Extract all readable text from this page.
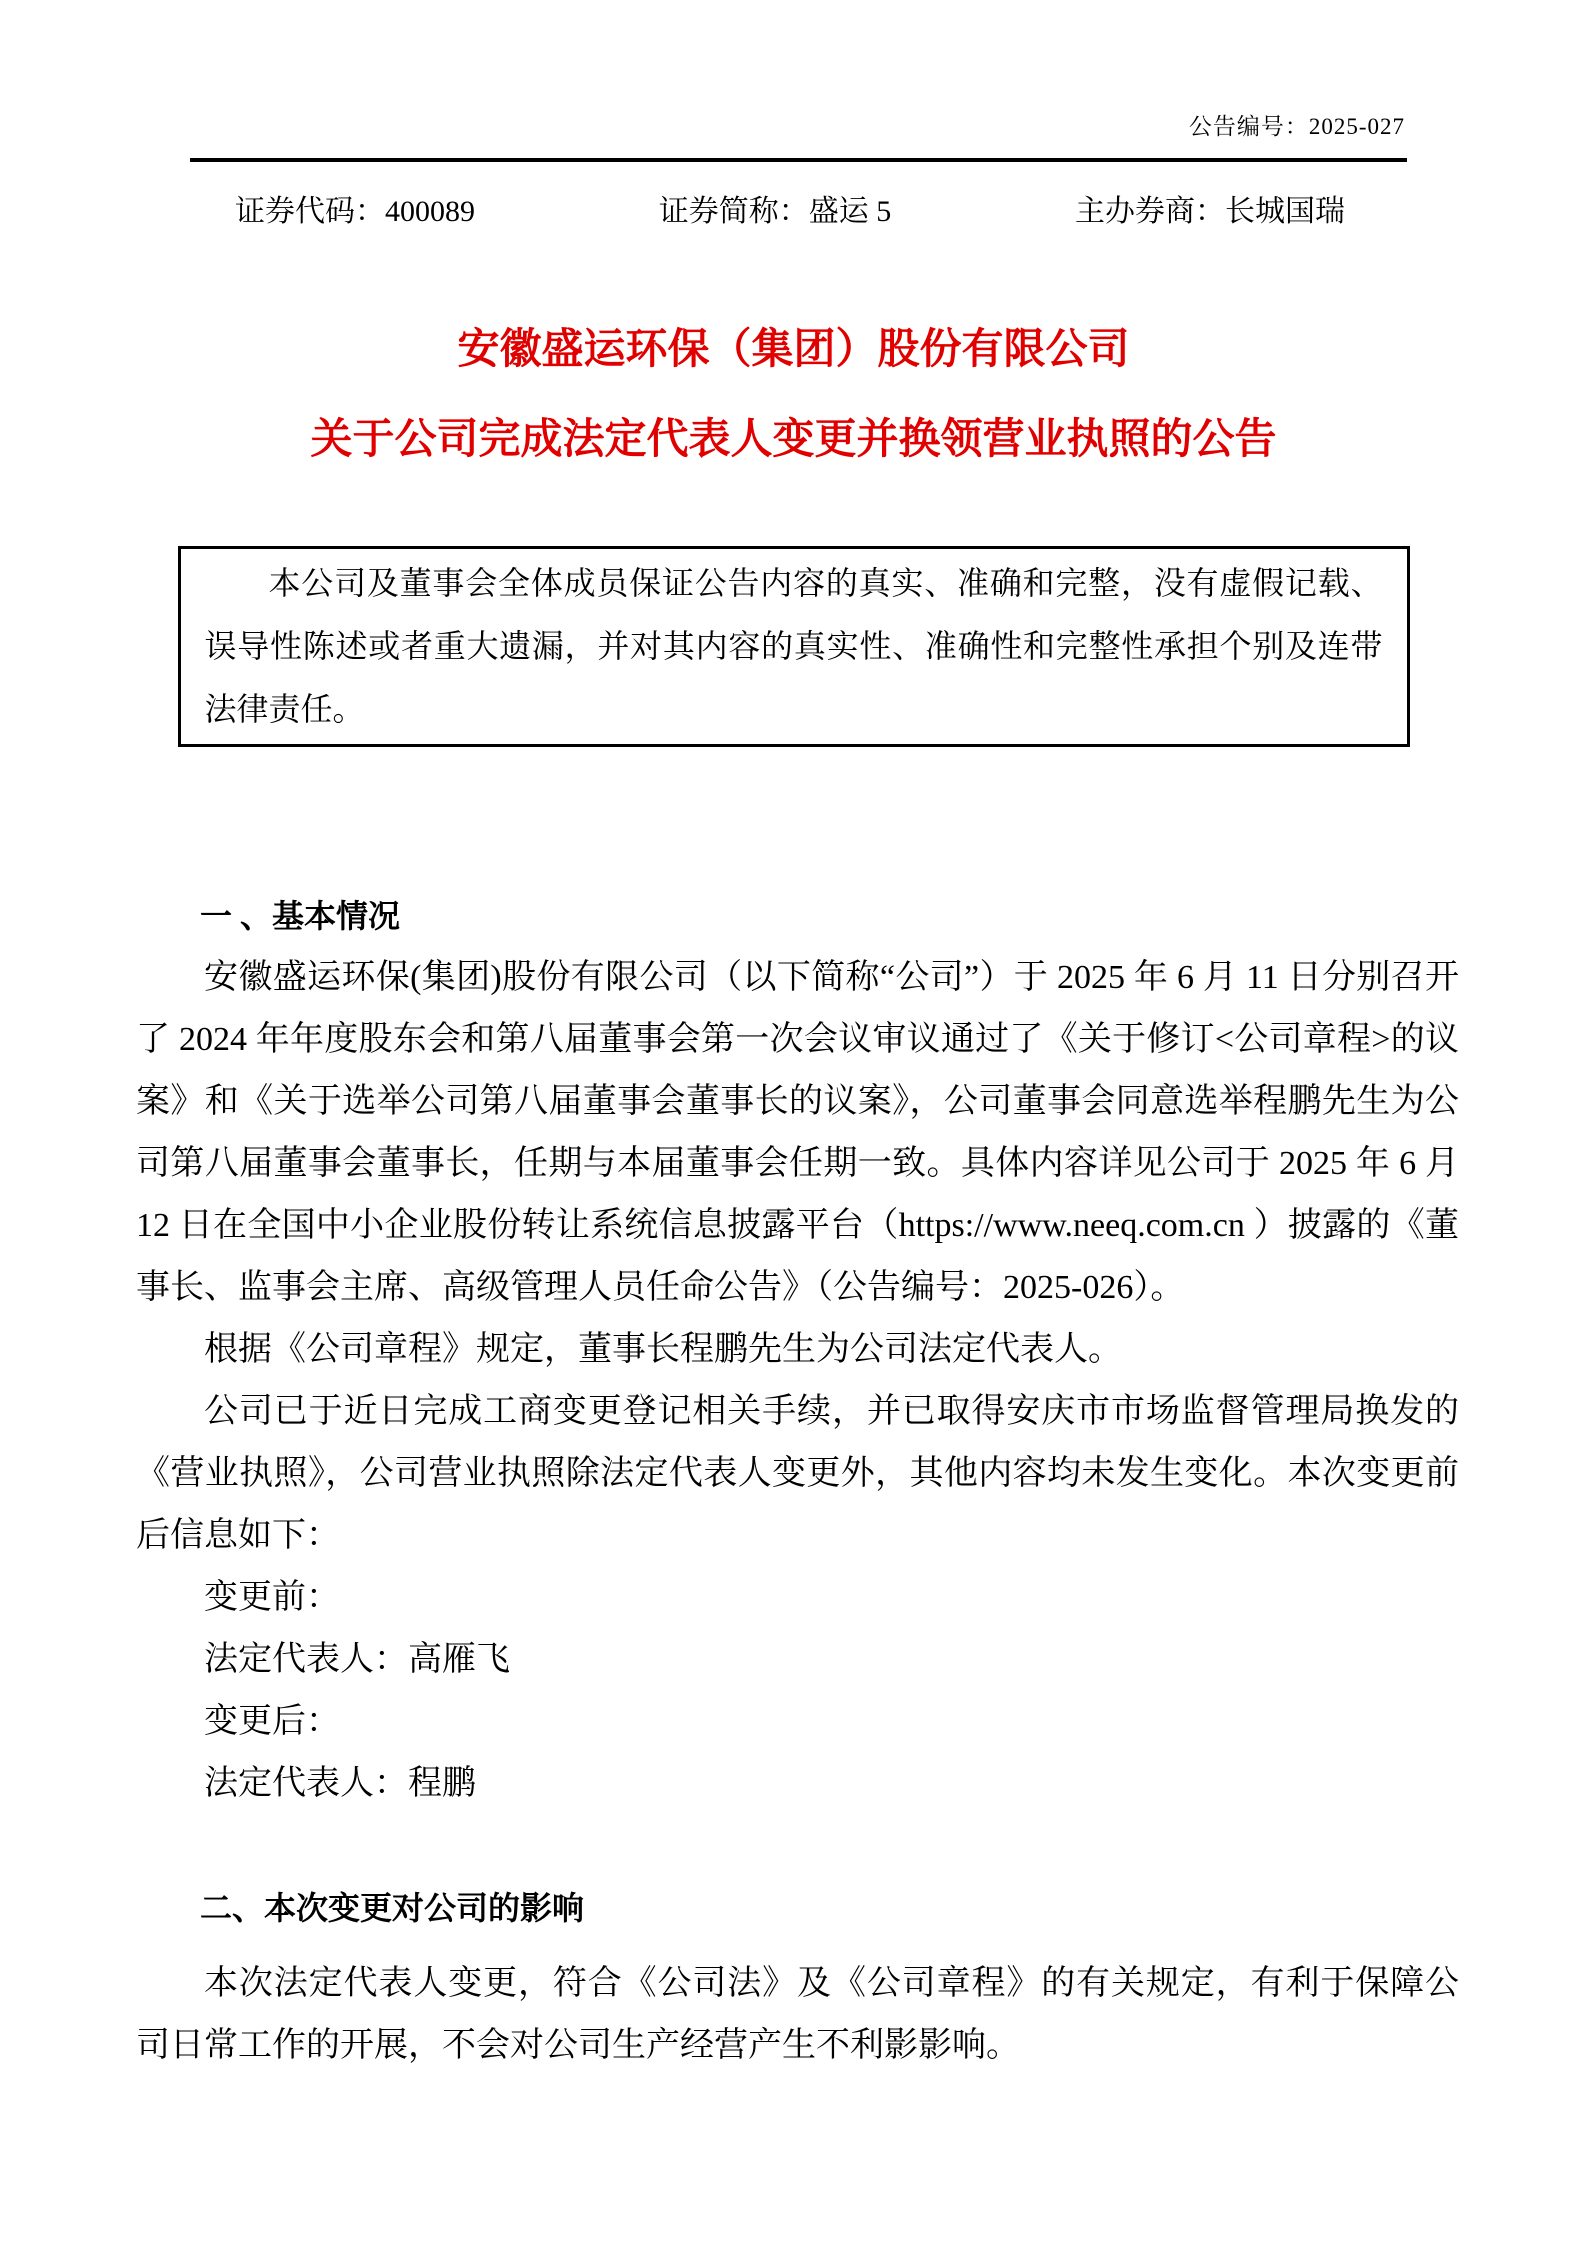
公告编号：2025-027
证券代码：400089	证券简称：盛运 5	主办券商：长城国瑞
安徽盛运环保（集团）股份有限公司
关于公司完成法定代表人变更并换领营业执照的公告

本公司及董事会全体成员保证公告内容的真实、准确和完整，没有虚假记载、误导性陈述或者重大遗漏，并对其内容的真实性、准确性和完整性承担个别及连带法律责任。

一 、基本情况

安徽盛运环保(集团)股份有限公司（以下简称“公司”）于 2025 年 6 月 11 日分别召开了 2024 年年度股东会和第八届董事会第一次会议审议通过了《关于修订<公司章程>的议案》和《关于选举公司第八届董事会董事长的议案》，公司董事会同意选举程鹏先生为公司第八届董事会董事长，任期与本届董事会任期一致。具体内容详见公司于 2025 年 6 月 12 日在全国中小企业股份转让系统信息披露平台（https://www.neeq.com.cn ）披露的《董事长、监事会主席、高级管理人员任命公告》（公告编号：2025-026）。

根据《公司章程》规定，董事长程鹏先生为公司法定代表人。

公司已于近日完成工商变更登记相关手续，并已取得安庆市市场监督管理局换发的《营业执照》，公司营业执照除法定代表人变更外，其他内容均未发生变化。本次变更前后信息如下：

变更前：

法定代表人：高雁飞

变更后：

法定代表人：程鹏

二、本次变更对公司的影响

本次法定代表人变更，符合《公司法》及《公司章程》的有关规定，有利于保障公司日常工作的开展，不会对公司生产经营产生不利影影响。
